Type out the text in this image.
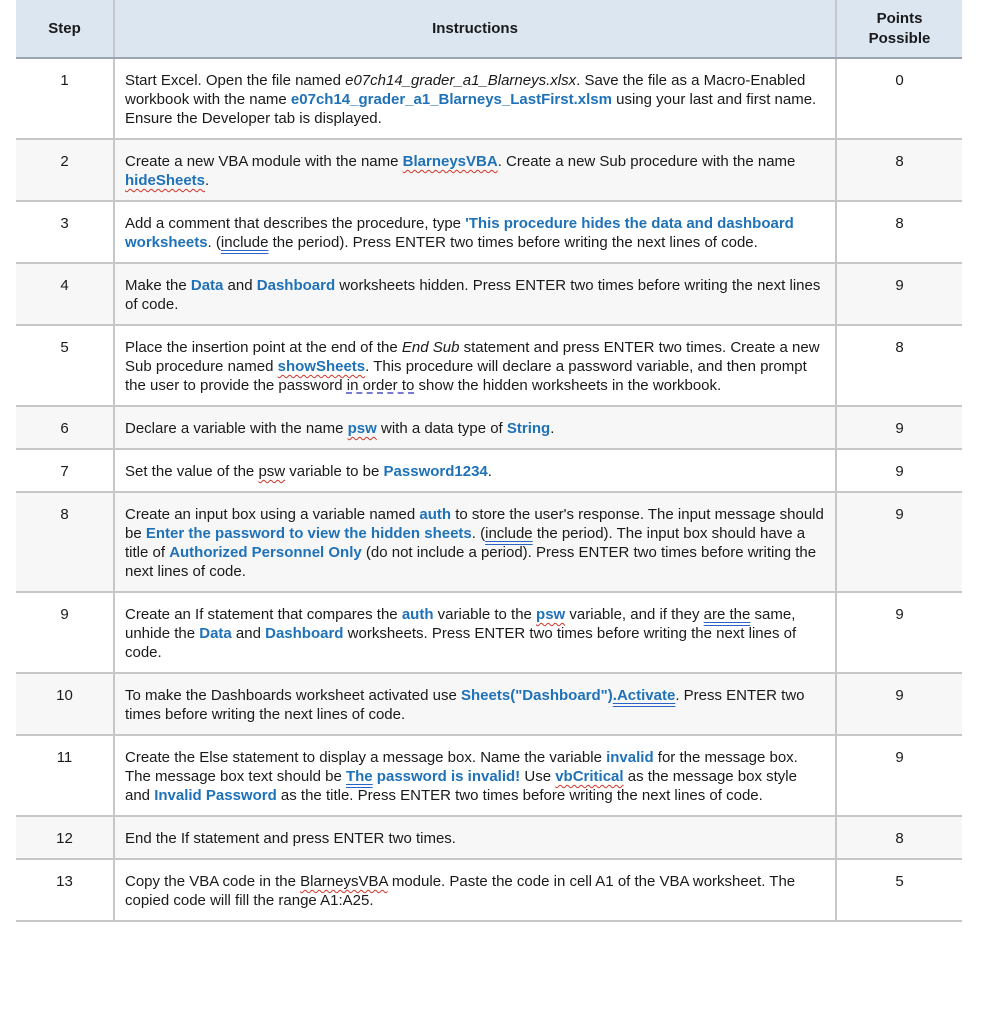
Step	Instructions	Points Possible
1	Start Excel. Open the file named e07ch14_grader_a1_Blarneys.xlsx. Save the file as a Macro-Enabled workbook with the name e07ch14_grader_a1_Blarneys_LastFirst.xlsm using your last and first name. Ensure the Developer tab is displayed.	0
2	Create a new VBA module with the name BlarneysVBA. Create a new Sub procedure with the name hideSheets.	8
3	Add a comment that describes the procedure, type 'This procedure hides the data and dashboard worksheets. (include the period). Press ENTER two times before writing the next lines of code.	8
4	Make the Data and Dashboard worksheets hidden. Press ENTER two times before writing the next lines of code.	9
5	Place the insertion point at the end of the End Sub statement and press ENTER two times. Create a new Sub procedure named showSheets. This procedure will declare a password variable, and then prompt the user to provide the password in order to show the hidden worksheets in the workbook.	8
6	Declare a variable with the name psw with a data type of String.	9
7	Set the value of the psw variable to be Password1234.	9
8	Create an input box using a variable named auth to store the user's response. The input message should be Enter the password to view the hidden sheets. (include the period). The input box should have a title of Authorized Personnel Only (do not include a period). Press ENTER two times before writing the next lines of code.	9
9	Create an If statement that compares the auth variable to the psw variable, and if they are the same, unhide the Data and Dashboard worksheets. Press ENTER two times before writing the next lines of code.	9
10	To make the Dashboards worksheet activated use Sheets("Dashboard").Activate. Press ENTER two times before writing the next lines of code.	9
11	Create the Else statement to display a message box. Name the variable invalid for the message box. The message box text should be The password is invalid! Use vbCritical as the message box style and Invalid Password as the title. Press ENTER two times before writing the next lines of code.	9
12	End the If statement and press ENTER two times.	8
13	Copy the VBA code in the BlarneysVBA module. Paste the code in cell A1 of the VBA worksheet. The copied code will fill the range A1:A25.	5
